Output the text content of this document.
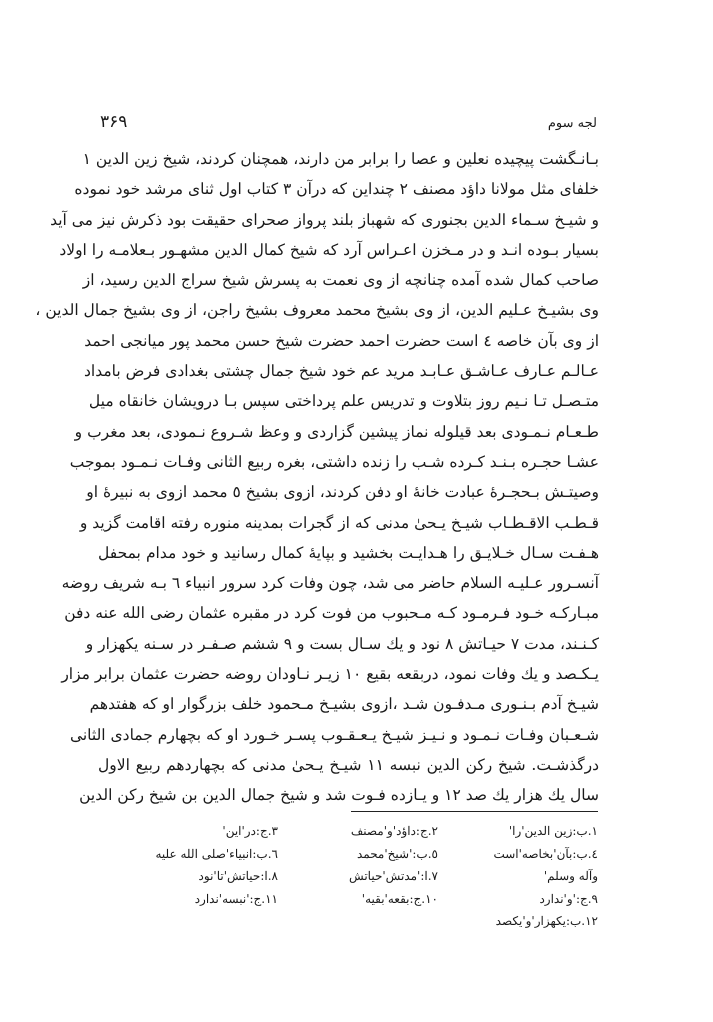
۳۶۹	لجه سوم
بـانـگشت پیچیده نعلین و عصا را برابر من دارند، همچنان کردند، شیخ زین الدین ۱
خلفای مثل مولانا داؤد مصنف ۲ چنداین که درآن ۳ کتاب اول ثنای مرشد خود نموده
و شیـخ سـماء الدین بجنوری که شهباز بلند پرواز صحرای حقیقت بود ذکرش نیز می آید
بسیار بـوده انـد و در مـخزن اعـراس آرد که شیخ کمال الدین مشهـور بـعلامـه را اولاد
صاحب کمال شده آمده چنانچه از وی نعمت به پسرش شیخ سراج الدین رسید، از
وی بشیـخ عـلیم الدین، از وی بشیخ محمد معروف بشیخ راجن، از وی بشیخ جمال الدین ،
از وی بآن خاصه ٤ است حضرت احمد حضرت شیخ حسن محمد پور میانجی احمد
عـالـم عـارف عـاشـق عـابـد مرید عم خود شیخ جمال چشتی بغدادی فرض بامداد
متـصـل تـا نـیم روز بتلاوت و تدریس علم پرداختی سپس بـا درویشان خانقاه میل
طـعـام نـمـودی بعد قیلوله نماز پیشین گزاردی و وعظ شـروع نـمودی، بعد مغرب و
عشـا حجـره بـنـد کـرده شـب را زنده داشتی، بغره ربیع الثانی وفـات نـمـود بموجب
وصیتـش بـحجـرهٔ عبادت خانهٔ او دفن کردند، ازوی بشیخ ٥ محمد ازوی به نبیرهٔ او
قـطـب الاقـطـاب شیـخ یـحیٰ مدنی که از گجرات بمدینه منوره رفته اقامت گزید و
هـفـت سـال خـلایـق را هـدایـت بخشید و بپایهٔ کمال رسانید و خود مدام بمحفل
آنسـرور عـلیـه السلام حاضر می شد، چون وفات کرد سرور انبیاء ٦ بـه شریف روضه
مبـارکـه خـود فـرمـود کـه مـحبوب من فوت کرد در مقبره عثمان رضی الله عنه دفن
کـنـند، مدت ۷ حیـاتش ۸ نود و یك سـال بست و ۹ ششم صـفـر در سـنه یکهزار و
یـکـصد و یك وفات نمود، دربقعه بقیع ۱۰ زیـر نـاودان روضه حضرت عثمان برابر مزار
شیـخ آدم بـنـوری مـدفـون شـد ،ازوی بشیـخ مـحمود خلف بزرگوار او که هفتدهم
شـعـبان وفـات نـمـود و نـیـز شیـخ یـعـقـوب پسـر خـورد او که بچهارم جمادی الثانی
درگذشـت. شیخ رکن الدین نبسه ۱۱ شیـخ یـحیٰ مدنی که بچهاردهم ربیع الاول
سال یك هزار یك صد ۱۲ و یـازده فـوت شد و شیخ جمال الدین بن شیخ رکن الدین
۱.ب:زین الدین'را'
۲.ج:داؤد'و'مصنف
۳.ج:در'این'
٤.ب:بآن'بخاصه'است
٥.ب:'شیخ'محمد
٦.ب:انبیاء'صلی الله علیه
وآله وسلم'
۷.ا:'مدتش'حیاتش
۸.ا:حیاتش'تا'نود
۹.ج:'و'ندارد
۱۰.ج:بقعه'بقیه'
۱۱.ج:'نبسه'ندارد
۱۲.ب:یکهزار'و'یکصد
